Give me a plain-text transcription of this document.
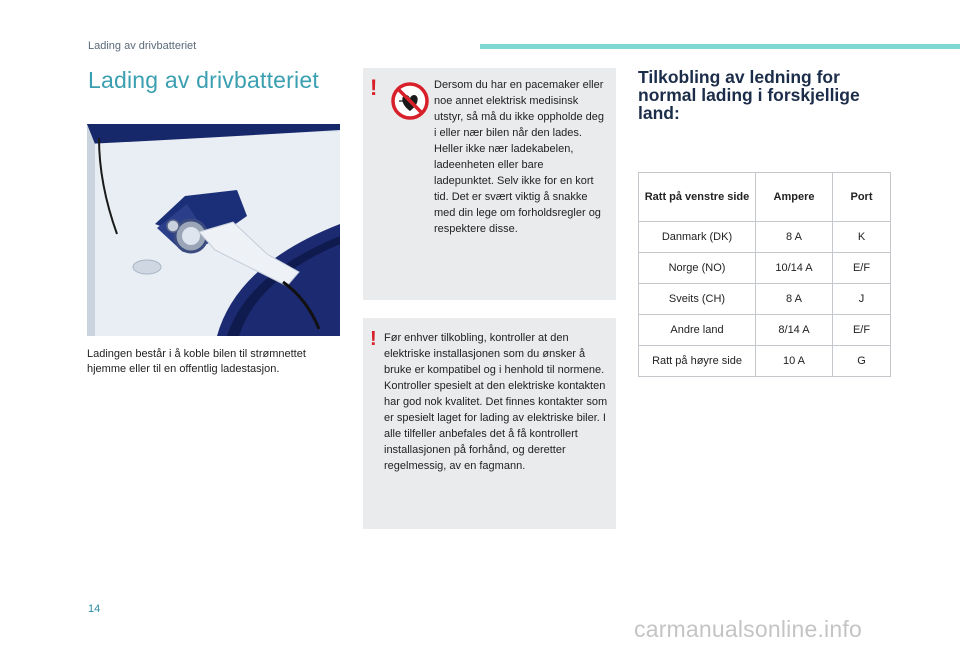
Lading av drivbatteriet
Lading av drivbatteriet
Ladingen består i å koble bilen til strømnettet hjemme eller til en offentlig ladestasjon.
!	Dersom du har en pacemaker eller noe annet elektrisk medisinsk utstyr, så må du ikke oppholde deg i eller nær bilen når den lades. Heller ikke nær ladekabelen, ladeenheten eller bare ladepunktet. Selv ikke for en kort tid. Det er svært viktig å snakke med din lege om forholdsregler og respektere disse.
! Før enhver tilkobling, kontroller at den elektriske installasjonen som du ønsker å bruke er kompatibel og i henhold til normene. Kontroller spesielt at den elektriske kontakten har god nok kvalitet. Det finnes kontakter som er spesielt laget for lading av elektriske biler. I alle tilfeller anbefales det å få kontrollert installasjonen på forhånd, og deretter regelmessig, av en fagmann.
Tilkobling av ledning for normal lading i forskjellige land:
Ratt på venstre side	Ampere	Port
Danmark (DK)	8 A	K
Norge (NO)	10/14 A	E/F
Sveits (CH)	8 A	J
Andre land	8/14 A	E/F
Ratt på høyre side	10 A	G
14
carmanualsonline.info
